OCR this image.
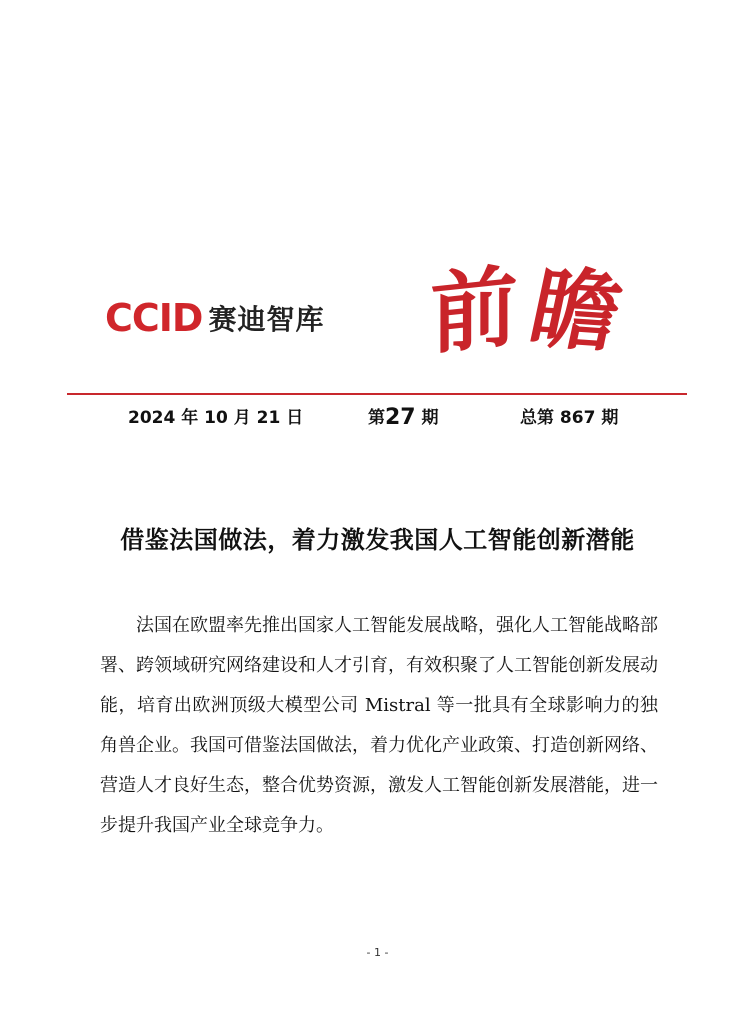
CCID 赛迪智库 前 瞻
2024 年 10 月 21 日	第27 期	总第 867 期
借鉴法国做法，着力激发我国人工智能创新潜能
法国在欧盟率先推出国家人工智能发展战略，强化人工智能战略部署、跨领域研究网络建设和人才引育，有效积聚了人工智能创新发展动能，培育出欧洲顶级大模型公司 Mistral 等一批具有全球影响力的独角兽企业。我国可借鉴法国做法，着力优化产业政策、打造创新网络、营造人才良好生态，整合优势资源，激发人工智能创新发展潜能，进一步提升我国产业全球竞争力。
- 1 -
